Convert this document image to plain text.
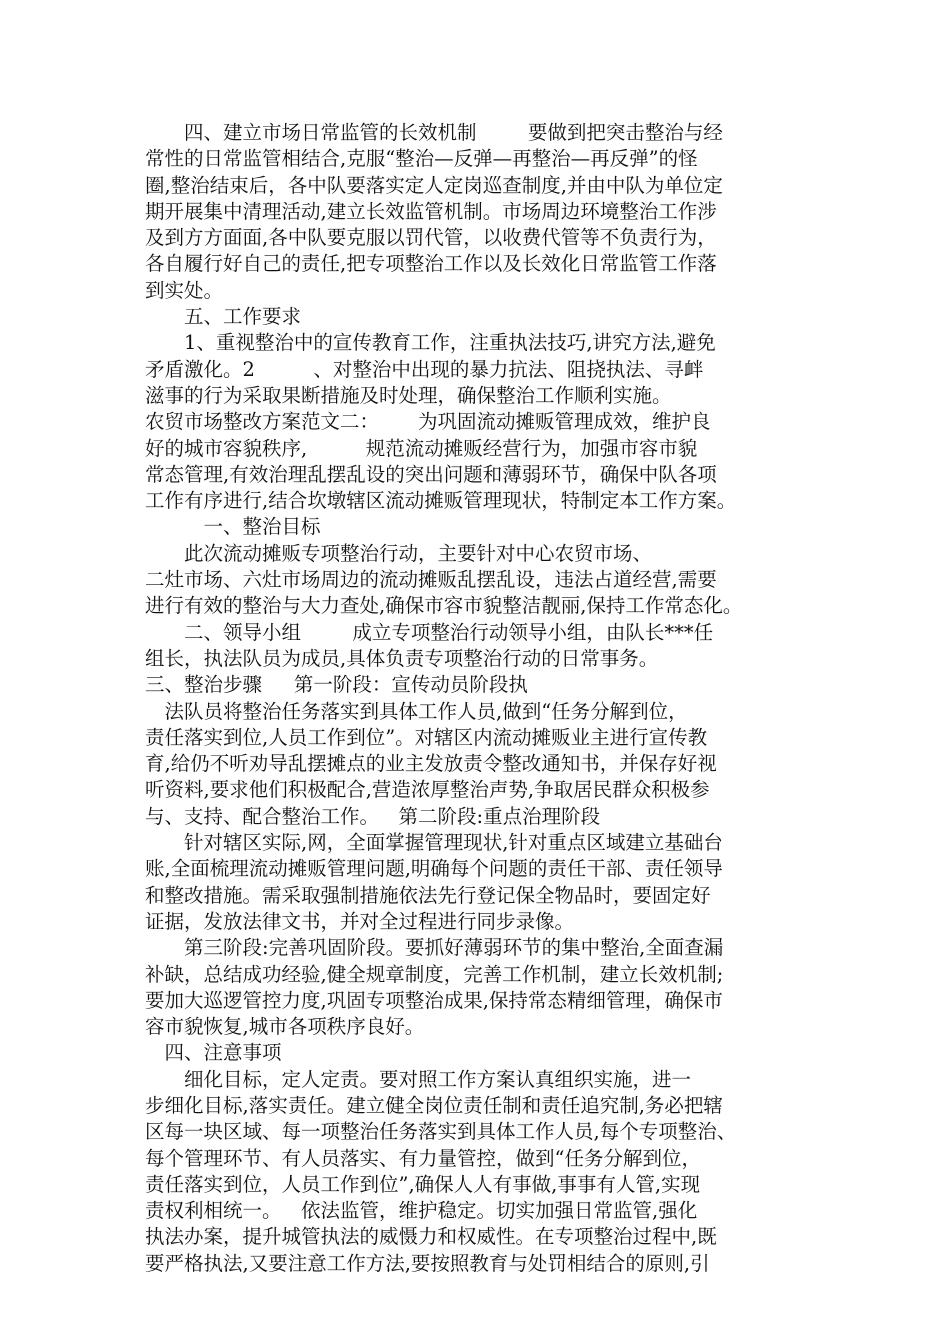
　　四、建立市场日常监管的长效机制 ￼ 　　要做到把突击整治与经
常性的日常监管相结合,克服“整治—反弹—再整治—再反弹”的怪
圈,整治结束后，各中队要落实定人定岗巡查制度,并由中队为单位定
期开展集中清理活动,建立长效监管机制。市场周边环境整治工作涉
及到方方面面,各中队要克服以罚代管，以收费代管等不负责行为，
各自履行好自己的责任,把专项整治工作以及长效化日常监管工作落
到实处。
￼　　五、工作要求
　　1、重视整治中的宣传教育工作，注重执法技巧,讲究方法,避免
矛盾激化。2　　　￼、对整治中出现的暴力抗法、阻挠执法、寻衅
滋事的行为采取果断措施及时处理，确保整治工作顺利实施。￼
农贸市场整改方案范文二：￼　　为巩固流动摊贩管理成效，维护良
好的城市容貌秩序,￼　　　规范流动摊贩经营行为，加强市容市貌
常态管理,有效治理乱摆乱设的突出问题和薄弱环节，确保中队各项
工作有序进行,结合坎墩辖区流动摊贩管理现状，特制定本工作方案。
￼　　　一、整治目标
￼　　此次流动摊贩专项整治行动，主要针对中心农贸市场、￼
二灶市场、六灶市场周边的流动摊贩乱摆乱设，违法占道经营,需要
进行有效的整治与大力查处,确保市容市貌整洁靓丽,保持工作常态化。
￼　　二、领导小组 ￼ 　　成立专项整治行动领导小组，由队长***任
组长，执法队员为成员,具体负责专项整治行动的日常事务。￼
三、整治步骤 ￼ 　第一阶段：宣传动员阶段执
￼　法队员将整治任务落实到具体工作人员,做到“任务分解到位，
责任落实到位,人员工作到位”。对辖区内流动摊贩业主进行宣传教
育,给仍不听劝导乱摆摊点的业主发放责令整改通知书，并保存好视
听资料,要求他们积极配合,营造浓厚整治声势,争取居民群众积极参
与、支持、配合整治工作。￼　第二阶段:重点治理阶段
　　针对辖区实际,网，全面掌握管理现状,针对重点区域建立基础台
账,全面梳理流动摊贩管理问题,明确每个问题的责任干部、责任领导
和整改措施。需采取强制措施依法先行登记保全物品时，要固定好
证据，发放法律文书，并对全过程进行同步录像。
　　第三阶段:完善巩固阶段。要抓好薄弱环节的集中整治,全面查漏
补缺，总结成功经验,健全规章制度，完善工作机制，建立长效机制;
要加大巡逻管控力度,巩固专项整治成果,保持常态精细管理，确保市
容市貌恢复,城市各项秩序良好。
￼　四、注意事项
￼　　细化目标，定人定责。要对照工作方案认真组织实施，进一
步细化目标,落实责任。建立健全岗位责任制和责任追究制,务必把辖
区每一块区域、每一项整治任务落实到具体工作人员,每个专项整治、
每个管理环节、有人员落实、有力量管控，做到“任务分解到位，
责任落实到位，人员工作到位”,确保人人有事做,事事有人管,实现
责权利相统一。￼　依法监管，维护稳定。切实加强日常监管,强化
执法办案，提升城管执法的威慑力和权威性。在专项整治过程中,既
要严格执法,又要注意工作方法,要按照教育与处罚相结合的原则,引
